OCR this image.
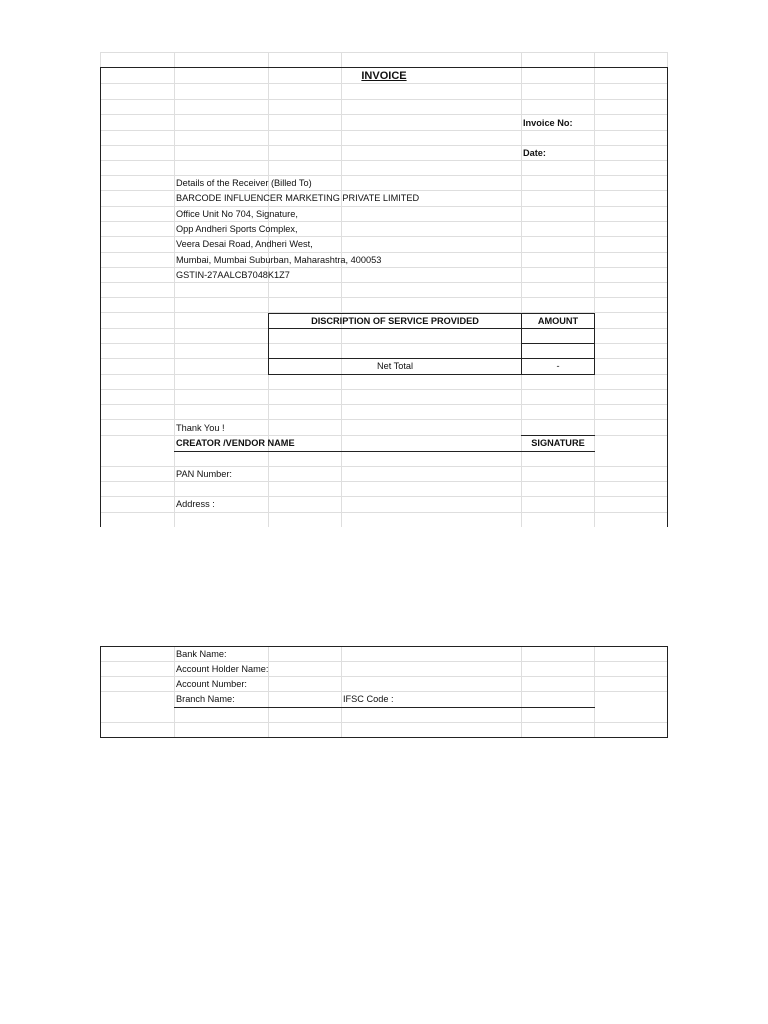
INVOICE
Invoice No:
Date:
Details of the Receiver (Billed To)
BARCODE INFLUENCER MARKETING PRIVATE LIMITED
Office Unit No 704, Signature,
Opp Andheri Sports Complex,
Veera Desai Road, Andheri West,
Mumbai, Mumbai Suburban, Maharashtra, 400053
GSTIN-27AALCB7048K1Z7
DISCRIPTION OF SERVICE PROVIDED	AMOUNT
Net Total	-
Thank You !
CREATOR /VENDOR NAME	SIGNATURE
PAN Number:
Address :
Bank Name:
Account Holder Name:
Account Number:
Branch Name:	IFSC Code :
